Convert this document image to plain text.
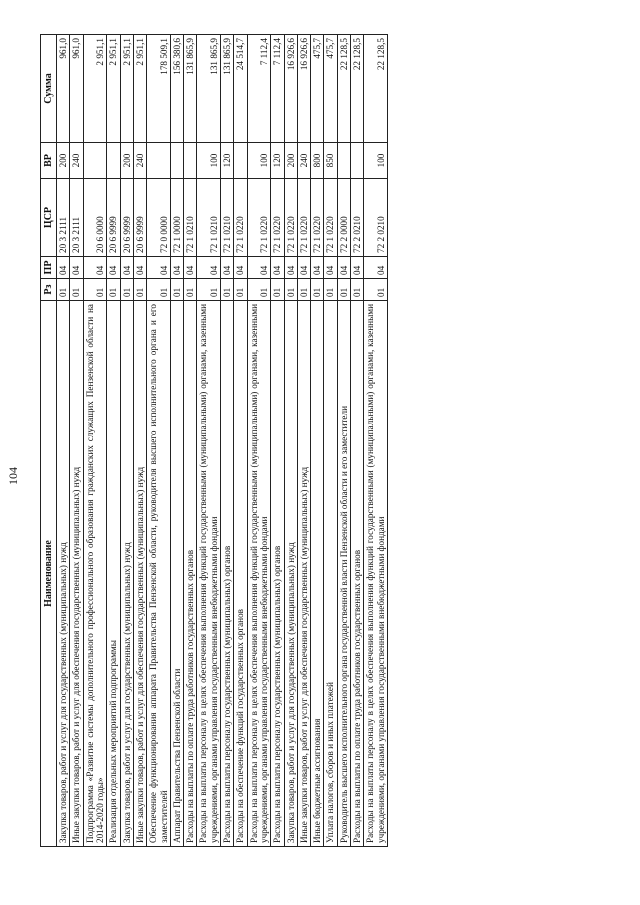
104
Наименование	Рз	ПР	ЦСР	ВР	Сумма
Закупка товаров, работ и услуг для государственных (муниципальных) нужд	01	04	20 3 2111	200	961,0
Иные закупки товаров, работ и услуг для обеспечения государственных (муниципальных) нужд	01	04	20 3 2111	240	961,0
Подпрограмма «Развитие системы дополнительного профессионального образования гражданских служащих Пензенской области на 2014-2020 годы»	01	04	20 6 0000		2 951,1
Реализация отдельных мероприятий подпрограммы	01	04	20 6 9999		2 951,1
Закупка товаров, работ и услуг для государственных (муниципальных) нужд	01	04	20 6 9999	200	2 951,1
Иные закупки товаров, работ и услуг для обеспечения государственных (муниципальных) нужд	01	04	20 6 9999	240	2 951,1
Обеспечение функционирования аппарата Правительства Пензенской области, руководителя высшего исполнительного органа и его заместителей	01	04	72 0 0000		178 509,1
Аппарат Правительства Пензенской области	01	04	72 1 0000		156 380,6
Расходы на выплаты по оплате труда работников государственных органов	01	04	72 1 0210		131 865,9
Расходы на выплаты персоналу в целях обеспечения выполнения функций государственными (муниципальными) органами, казенными учреждениями, органами управления государственными внебюджетными фондами	01	04	72 1 0210	100	131 865,9
Расходы на выплаты персоналу государственных (муниципальных) органов	01	04	72 1 0210	120	131 865,9
Расходы на обеспечение функций государственных органов	01	04	72 1 0220		24 514,7
Расходы на выплаты персоналу в целях обеспечения выполнения функций государственными (муниципальными) органами, казенными учреждениями, органами управления государственными внебюджетными фондами	01	04	72 1 0220	100	7 112,4
Расходы на выплаты персоналу государственных (муниципальных) органов	01	04	72 1 0220	120	7 112,4
Закупка товаров, работ и услуг для государственных (муниципальных) нужд	01	04	72 1 0220	200	16 926,6
Иные закупки товаров, работ и услуг для обеспечения государственных (муниципальных) нужд	01	04	72 1 0220	240	16 926,6
Иные бюджетные ассигнования	01	04	72 1 0220	800	475,7
Уплата налогов, сборов и иных платежей	01	04	72 1 0220	850	475,7
Руководитель высшего исполнительного органа государственной власти Пензенской области и его заместители	01	04	72 2 0000		22 128,5
Расходы на выплаты по оплате труда работников государственных органов	01	04	72 2 0210		22 128,5
Расходы на выплаты персоналу в целях обеспечения выполнения функций государственными (муниципальными) органами, казенными учреждениями, органами управления государственными внебюджетными фондами	01	04	72 2 0210	100	22 128,5
